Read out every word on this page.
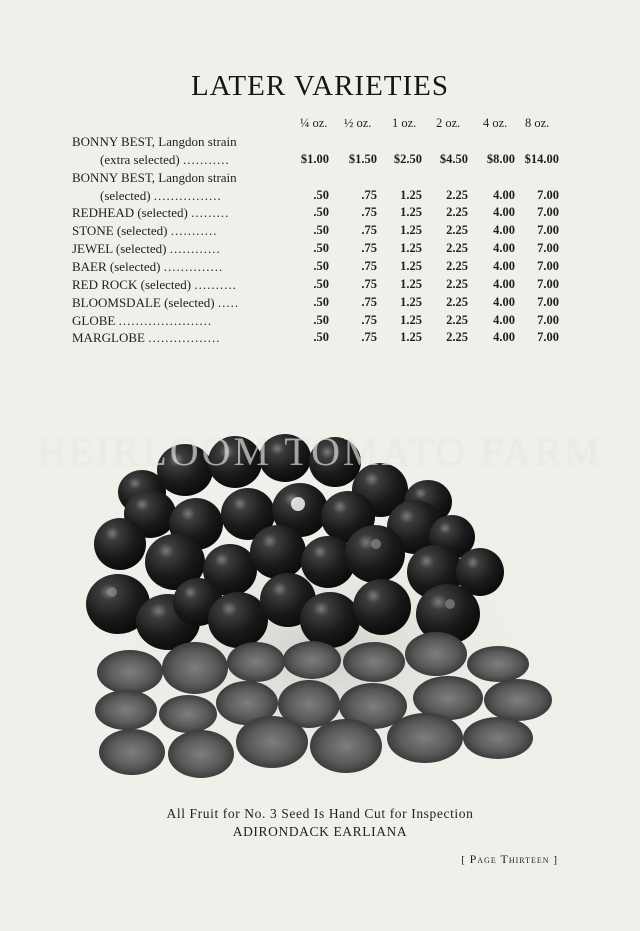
LATER VARIETIES
¼ oz. ½ oz. 1 oz. 2 oz. 4 oz. 8 oz.
BONNY BEST, Langdon strain
(extra selected) ...........	$1.00	$1.50	$2.50	$4.50	$8.00 $14.00
BONNY BEST, Langdon strain
(selected) ................	.50	.75	1.25	2.25	4.00	7.00
REDHEAD (selected) .........	.50	.75	1.25	2.25	4.00	7.00
STONE (selected) ...........	.50	.75	1.25	2.25	4.00	7.00
JEWEL (selected) ............	.50	.75	1.25	2.25	4.00	7.00
BAER (selected) ..............	.50	.75	1.25	2.25	4.00	7.00
RED ROCK (selected) ..........	.50	.75	1.25	2.25	4.00	7.00
BLOOMSDALE (selected) .....	.50	.75	1.25	2.25	4.00	7.00
GLOBE ......................	.50	.75	1.25	2.25	4.00	7.00
MARGLOBE .................	.50	.75	1.25	2.25	4.00	7.00
HEIRLOOM TOMATO FARM
All Fruit for No. 3 Seed Is Hand Cut for Inspection
ADIRONDACK EARLIANA
[ Page Thirteen ]
